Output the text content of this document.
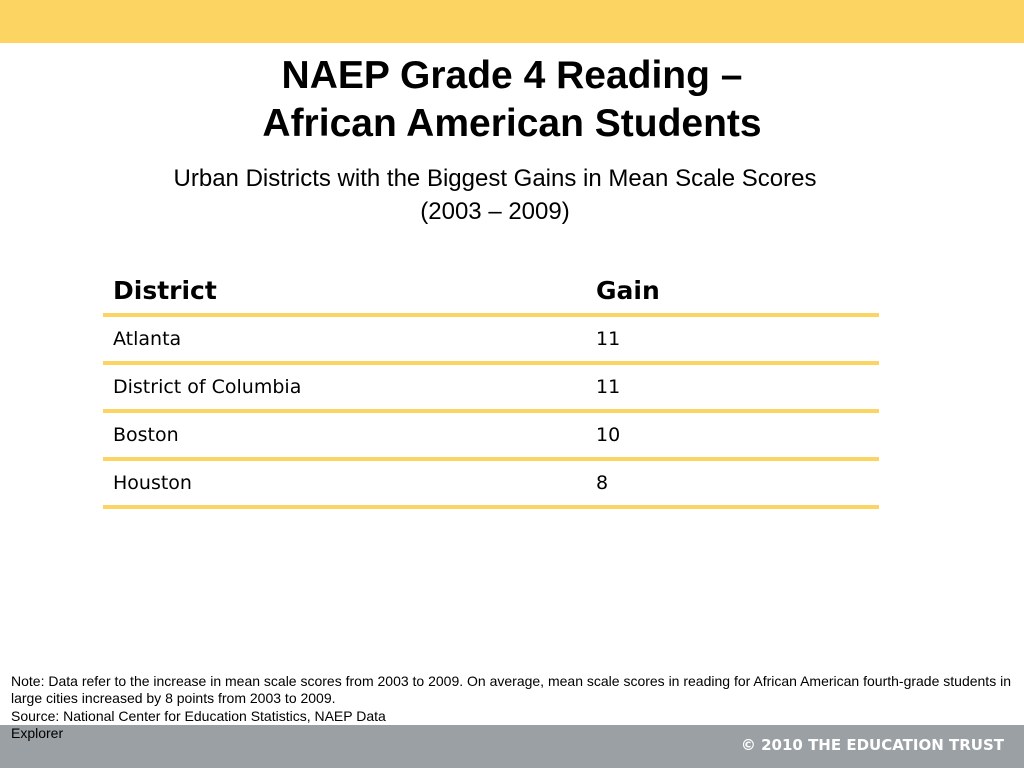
NAEP Grade 4 Reading –
African American Students
Urban Districts with the Biggest Gains in Mean Scale Scores
(2003 – 2009)
District	Gain
Atlanta	11
District of Columbia	11
Boston	10
Houston	8
Note: Data refer to the increase in mean scale scores from 2003 to 2009. On average, mean scale scores in reading for African American fourth-grade students in large cities increased by 8 points from 2003 to 2009.
© 2010 THE EDUCATION TRUST
Source: National Center for Education Statistics, NAEP Data Explorer
